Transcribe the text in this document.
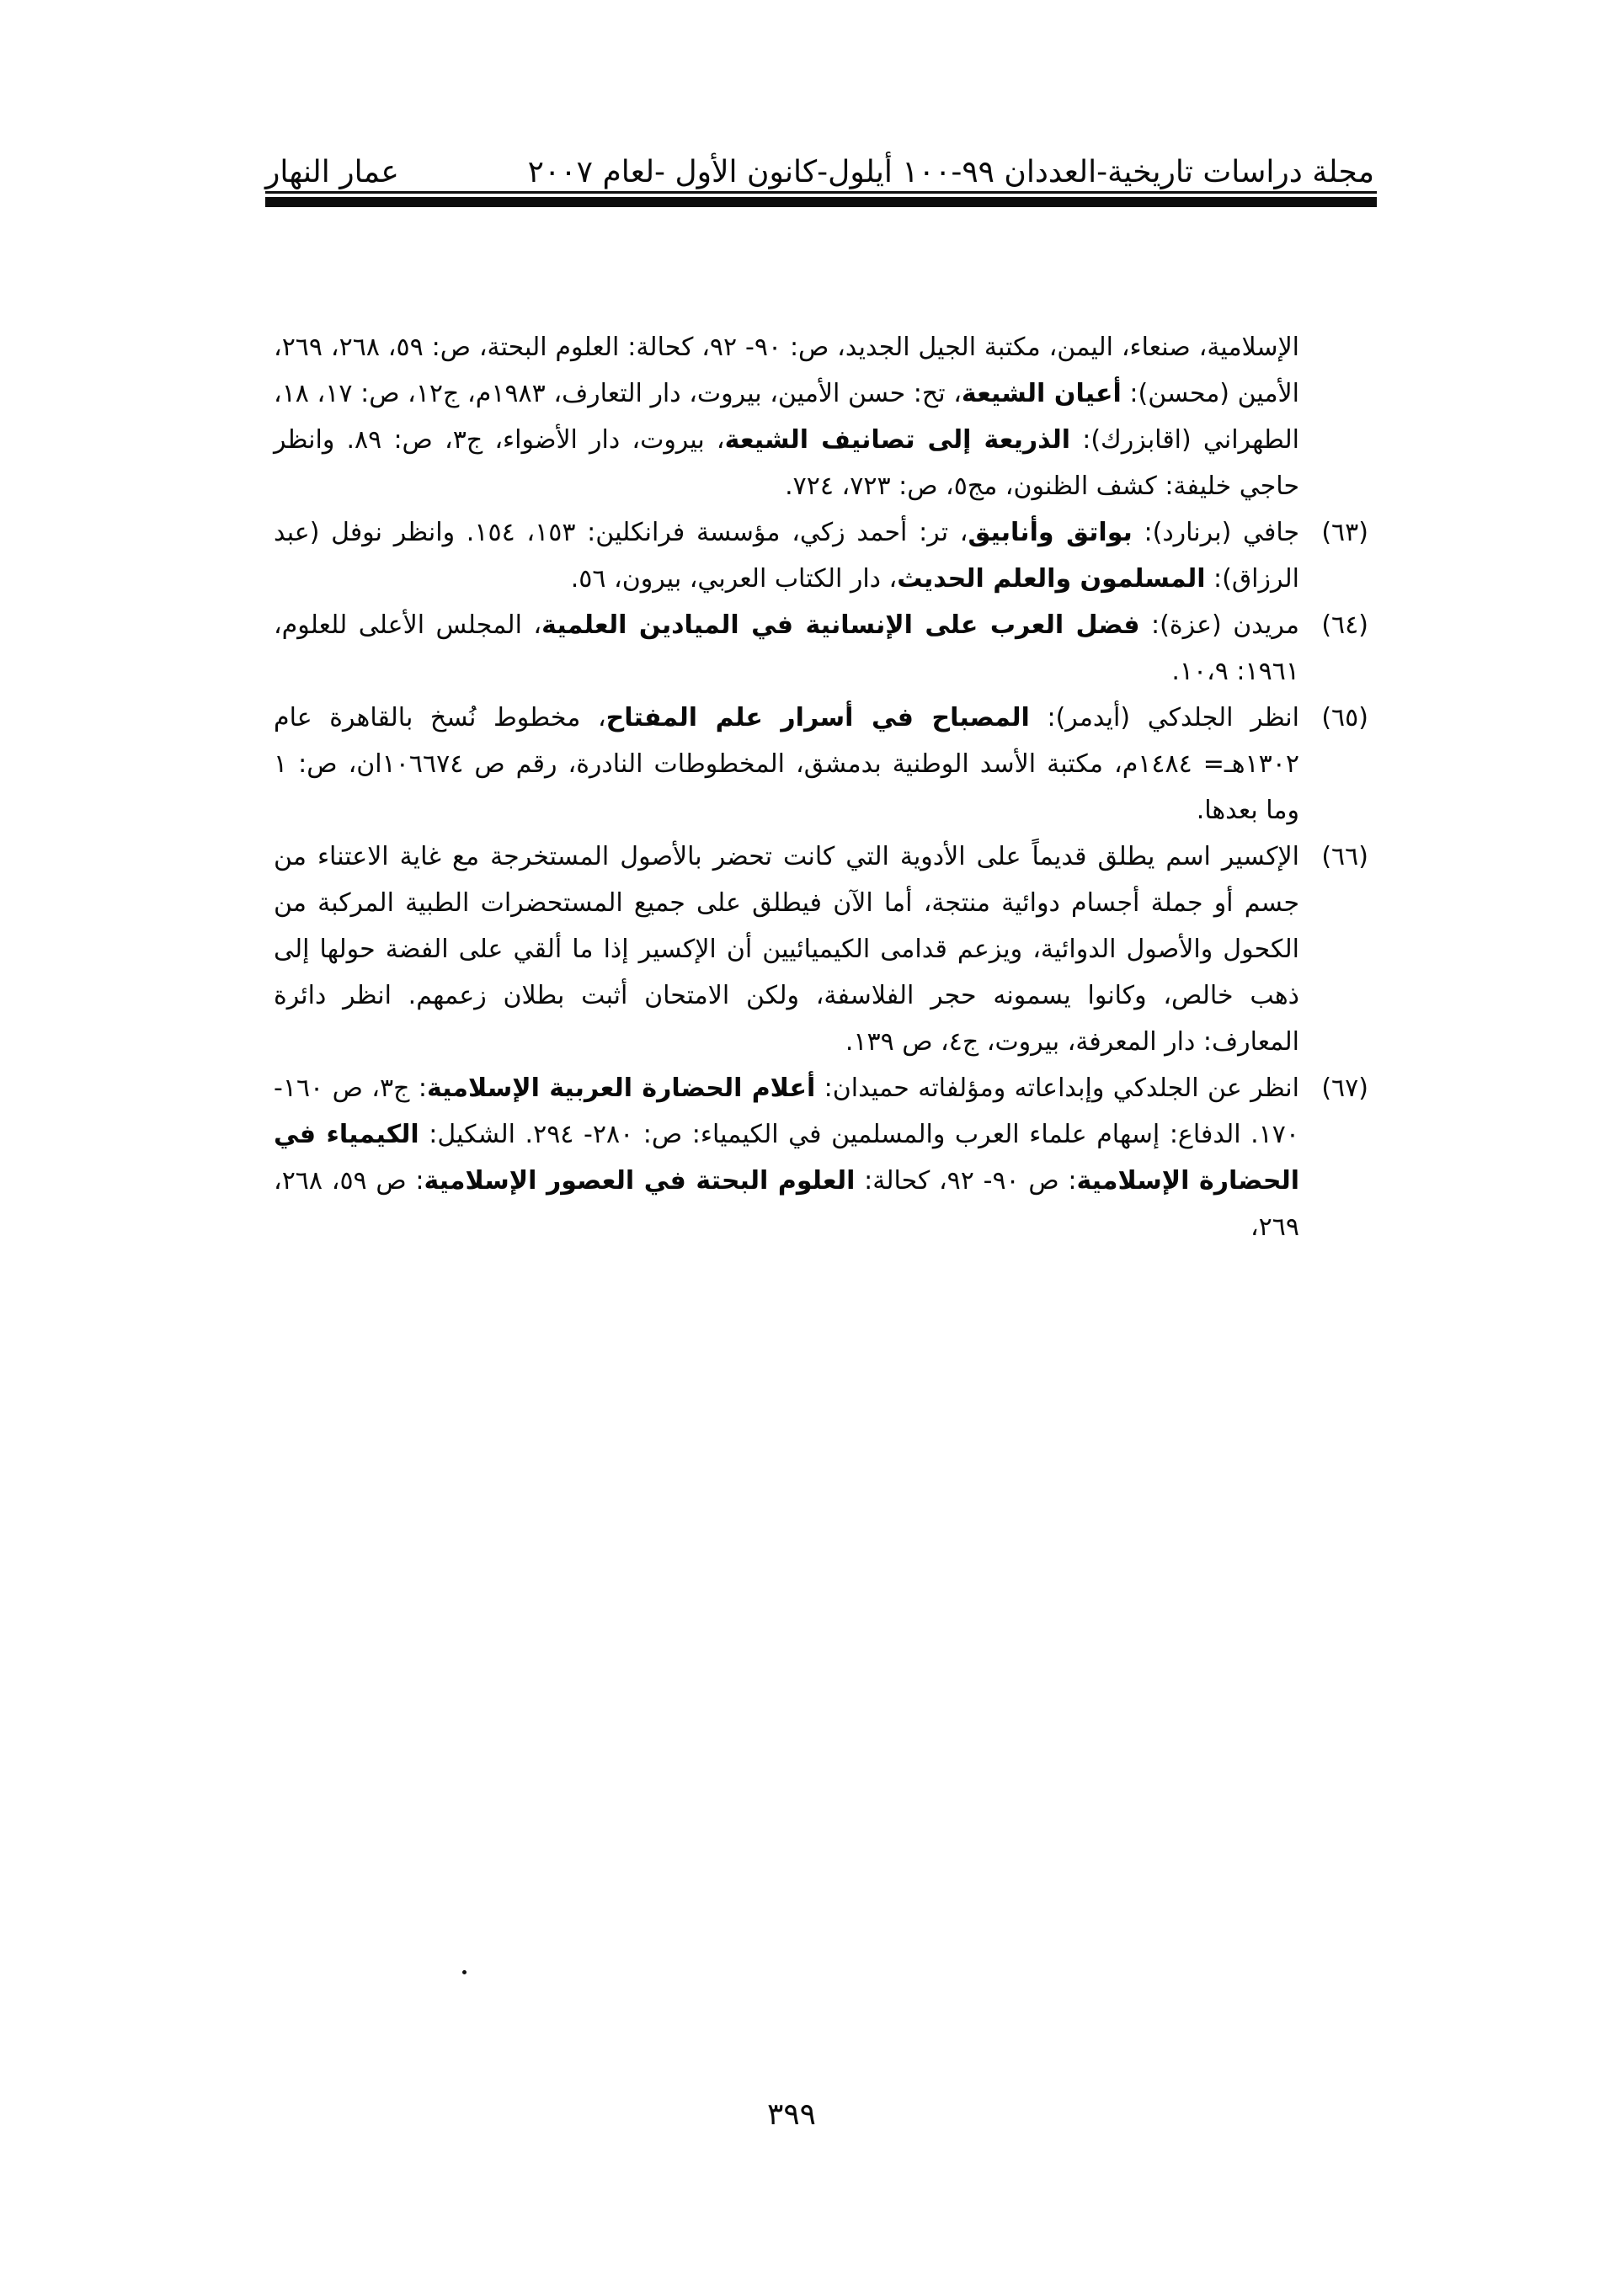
مجلة دراسات تاريخية-العددان ٩٩-١٠٠ أيلول-كانون الأول -لعام ٢٠٠٧
عمار النهار

الإسلامية، صنعاء، اليمن، مكتبة الجيل الجديد، ص: ٩٠- ٩٢، كحالة: العلوم البحتة، ص: ٥٩، ٢٦٨، ٢٦٩، الأمين (محسن): أعيان الشيعة، تح: حسن الأمين، بيروت، دار التعارف، ١٩٨٣م، ج١٢، ص: ١٧، ١٨، الطهراني (اقابزرك): الذريعة إلى تصانيف الشيعة، بيروت، دار الأضواء، ج٣، ص: ٨٩. وانظر حاجي خليفة: كشف الظنون، مج٥، ص: ٧٢٣، ٧٢٤.

(٦٣)
جافي (برنارد): بواتق وأنابيق، تر: أحمد زكي، مؤسسة فرانكلين: ١٥٣، ١٥٤. وانظر نوفل (عبد الرزاق): المسلمون والعلم الحديث، دار الكتاب العربي، بيرون، ٥٦.

(٦٤)
مريدن (عزة): فضل العرب على الإنسانية في الميادين العلمية، المجلس الأعلى للعلوم، ١٩٦١: ١٠،٩.

(٦٥)
انظر الجلدكي (أيدمر): المصباح في أسرار علم المفتاح، مخطوط نُسخ بالقاهرة عام ١٣٠٢هـ= ١٤٨٤م، مكتبة الأسد الوطنية بدمشق، المخطوطات النادرة، رقم ص ١٠٦٦٧٤ان، ص: ١ وما بعدها.

(٦٦)
الإكسير اسم يطلق قديماً على الأدوية التي كانت تحضر بالأصول المستخرجة مع غاية الاعتناء من جسم أو جملة أجسام دوائية منتجة، أما الآن فيطلق على جميع المستحضرات الطبية المركبة من الكحول والأصول الدوائية، ويزعم قدامى الكيميائيين أن الإكسير إذا ما ألقي على الفضة حولها إلى ذهب خالص، وكانوا يسمونه حجر الفلاسفة، ولكن الامتحان أثبت بطلان زعمهم. انظر دائرة المعارف: دار المعرفة، بيروت، ج٤، ص ١٣٩.

(٦٧)
انظر عن الجلدكي وإبداعاته ومؤلفاته حميدان: أعلام الحضارة العربية الإسلامية: ج٣، ص ١٦٠- ١٧٠. الدفاع: إسهام علماء العرب والمسلمين في الكيمياء: ص: ٢٨٠- ٢٩٤. الشكيل: الكيمياء في الحضارة الإسلامية: ص ٩٠- ٩٢، كحالة: العلوم البحتة في العصور الإسلامية: ص ٥٩، ٢٦٨، ٢٦٩،

٣٩٩
